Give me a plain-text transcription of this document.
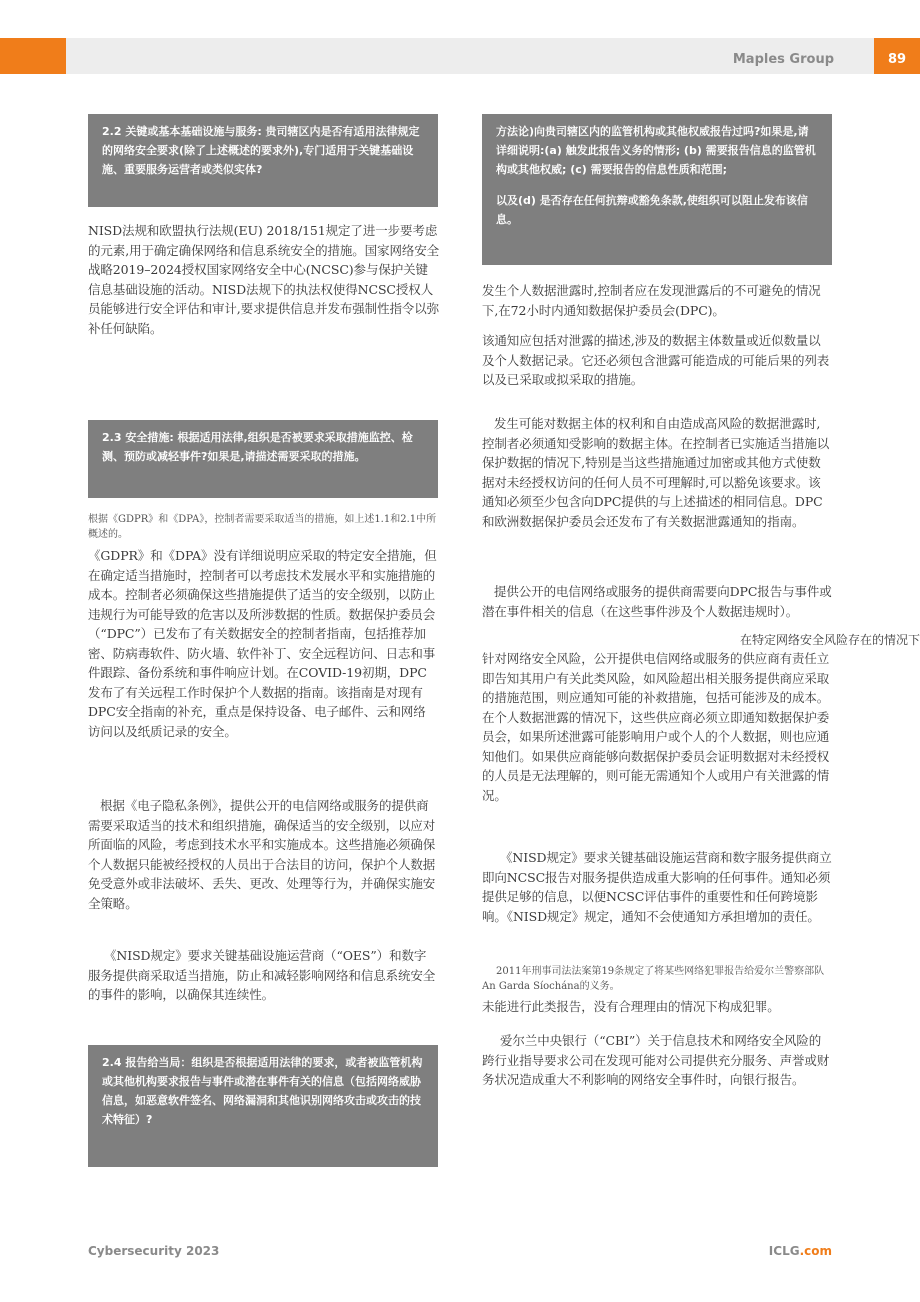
Maples Group	89

2.2 关键或基本基础设施与服务: 贵司辖区内是否有适用法律规定的网络安全要求(除了上述概述的要求外),专门适用于关键基础设施、重要服务运营者或类似实体?

NISD法规和欧盟执行法规(EU) 2018/151规定了进一步要考虑的元素,用于确定确保网络和信息系统安全的措施。国家网络安全战略2019–2024授权国家网络安全中心(NCSC)参与保护关键信息基础设施的活动。NISD法规下的执法权使得NCSC授权人员能够进行安全评估和审计,要求提供信息并发布强制性指令以弥补任何缺陷。

2.3 安全措施: 根据适用法律,组织是否被要求采取措施监控、检测、预防或减轻事件?如果是,请描述需要采取的措施。

根据《GDPR》和《DPA》，控制者需要采取适当的措施，如上述1.1和2.1中所概述的。
《GDPR》和《DPA》没有详细说明应采取的特定安全措施，但在确定适当措施时，控制者可以考虑技术发展水平和实施措施的成本。控制者必须确保这些措施提供了适当的安全级别，以防止违规行为可能导致的危害以及所涉数据的性质。数据保护委员会（“DPC”）已发布了有关数据安全的控制者指南，包括推荐加密、防病毒软件、防火墙、软件补丁、安全远程访问、日志和事件跟踪、备份系统和事件响应计划。在COVID-19初期，DPC发布了有关远程工作时保护个人数据的指南。该指南是对现有DPC安全指南的补充，重点是保持设备、电子邮件、云和网络访问以及纸质记录的安全。
根据《电子隐私条例》，提供公开的电信网络或服务的提供商需要采取适当的技术和组织措施，确保适当的安全级别，以应对所面临的风险，考虑到技术水平和实施成本。这些措施必须确保个人数据只能被经授权的人员出于合法目的访问，保护个人数据免受意外或非法破坏、丢失、更改、处理等行为，并确保实施安全策略。
《NISD规定》要求关键基础设施运营商（“OES”）和数字服务提供商采取适当措施，防止和减轻影响网络和信息系统安全的事件的影响，以确保其连续性。

2.4 报告给当局：组织是否根据适用法律的要求，或者被监管机构或其他机构要求报告与事件或潜在事件有关的信息（包括网络威胁信息，如恶意软件签名、网络漏洞和其他识别网络攻击或攻击的技术特征）?

方法论)向贵司辖区内的监管机构或其他权威报告过吗?如果是,请详细说明:(a) 触发此报告义务的情形; (b) 需要报告信息的监管机构或其他权威; (c) 需要报告的信息性质和范围;

以及(d) 是否存在任何抗辩或豁免条款,使组织可以阻止发布该信息。

发生个人数据泄露时,控制者应在发现泄露后的不可避免的情况下,在72小时内通知数据保护委员会(DPC)。
该通知应包括对泄露的描述,涉及的数据主体数量或近似数量以及个人数据记录。它还必须包含泄露可能造成的可能后果的列表以及已采取或拟采取的措施。
发生可能对数据主体的权利和自由造成高风险的数据泄露时,控制者必须通知受影响的数据主体。在控制者已实施适当措施以保护数据的情况下,特别是当这些措施通过加密或其他方式使数据对未经授权访问的任何人员不可理解时,可以豁免该要求。该通知必须至少包含向DPC提供的与上述描述的相同信息。DPC和欧洲数据保护委员会还发布了有关数据泄露通知的指南。
提供公开的电信网络或服务的提供商需要向DPC报告与事件或潜在事件相关的信息（在这些事件涉及个人数据违规时）。
在特定网络安全风险存在的情况下
针对网络安全风险，公开提供电信网络或服务的供应商有责任立即告知其用户有关此类风险，如风险超出相关服务提供商应采取的措施范围，则应通知可能的补救措施，包括可能涉及的成本。在个人数据泄露的情况下，这些供应商必须立即通知数据保护委员会，如果所述泄露可能影响用户或个人的个人数据，则也应通知他们。如果供应商能够向数据保护委员会证明数据对未经授权的人员是无法理解的，则可能无需通知个人或用户有关泄露的情况。
《NISD规定》要求关键基础设施运营商和数字服务提供商立即向NCSC报告对服务提供造成重大影响的任何事件。通知必须提供足够的信息，以便NCSC评估事件的重要性和任何跨境影响。《NISD规定》规定，通知不会使通知方承担增加的责任。
2011年刑事司法法案第19条规定了将某些网络犯罪报告给爱尔兰警察部队An Garda Síochána的义务。
未能进行此类报告，没有合理理由的情况下构成犯罪。
爱尔兰中央银行（“CBI”）关于信息技术和网络安全风险的跨行业指导要求公司在发现可能对公司提供充分服务、声誉或财务状况造成重大不利影响的网络安全事件时，向银行报告。
Cybersecurity 2023	ICLG.com
